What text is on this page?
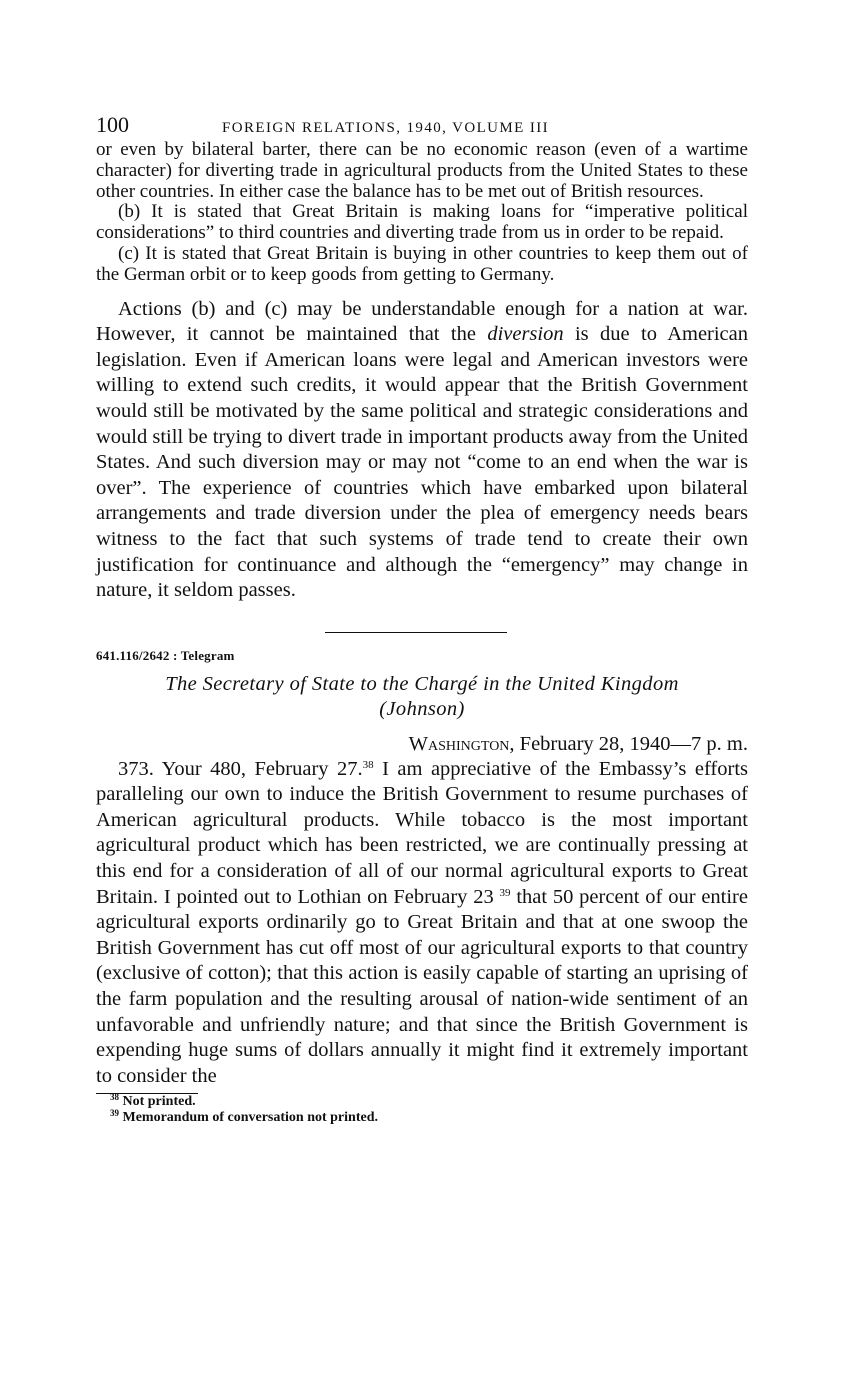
100	FOREIGN RELATIONS, 1940, VOLUME III

or even by bilateral barter, there can be no economic reason (even of a wartime character) for diverting trade in agricultural products from the United States to these other countries. In either case the balance has to be met out of British resources.

(b) It is stated that Great Britain is making loans for “imperative political considerations” to third countries and diverting trade from us in order to be repaid.

(c) It is stated that Great Britain is buying in other countries to keep them out of the German orbit or to keep goods from getting to Germany.

Actions (b) and (c) may be understandable enough for a nation at war. However, it cannot be maintained that the diversion is due to American legislation. Even if American loans were legal and American investors were willing to extend such credits, it would appear that the British Government would still be motivated by the same political and strategic considerations and would still be trying to divert trade in important products away from the United States. And such diversion may or may not “come to an end when the war is over”. The experience of countries which have embarked upon bilateral arrangements and trade diversion under the plea of emergency needs bears witness to the fact that such systems of trade tend to create their own justification for continuance and although the “emergency” may change in nature, it seldom passes.

641.116/2642 : Telegram
The Secretary of State to the Chargé in the United Kingdom
(Johnson)
Washington, February 28, 1940—7 p. m.

373. Your 480, February 27.38 I am appreciative of the Embassy’s efforts paralleling our own to induce the British Government to resume purchases of American agricultural products. While tobacco is the most important agricultural product which has been restricted, we are continually pressing at this end for a consideration of all of our normal agricultural exports to Great Britain. I pointed out to Lothian on February 23 $^{39}$ that 50 percent of our entire agricultural exports ordinarily go to Great Britain and that at one swoop the British Government has cut off most of our agricultural exports to that country (exclusive of cotton); that this action is easily capable of starting an uprising of the farm population and the resulting arousal of nation-wide sentiment of an unfavorable and unfriendly nature; and that since the British Government is expending huge sums of dollars annually it might find it extremely important to consider the

$^{38}$ Not printed.
$^{39}$ Memorandum of conversation not printed.
